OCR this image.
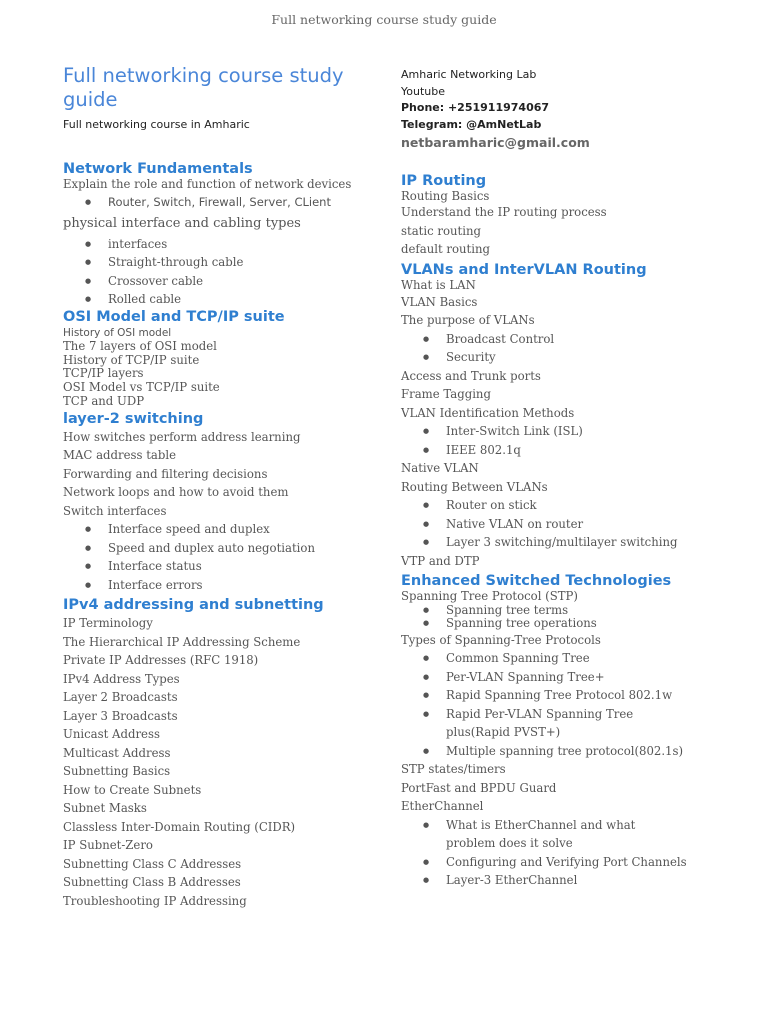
Full networking course study guide
Full networking course study guide
Full networking course in Amharic
Network Fundamentals
Explain the role and function of network devices
● Router, Switch, Firewall, Server, CLient
physical interface and cabling types
● interfaces
● Straight-through cable
● Crossover cable
● Rolled cable
OSI Model and TCP/IP suite
History of OSI model
The 7 layers of OSI model
History of TCP/IP suite
TCP/IP layers
OSI Model vs TCP/IP suite
TCP and UDP
layer-2 switching
How switches perform address learning
MAC address table
Forwarding and filtering decisions
Network loops and how to avoid them
Switch interfaces
● Interface speed and duplex
● Speed and duplex auto negotiation
● Interface status
● Interface errors
IPv4 addressing and subnetting
IP Terminology
The Hierarchical IP Addressing Scheme
Private IP Addresses (RFC 1918)
IPv4 Address Types
Layer 2 Broadcasts
Layer 3 Broadcasts
Unicast Address
Multicast Address
Subnetting Basics
How to Create Subnets
Subnet Masks
Classless Inter-Domain Routing (CIDR)
IP Subnet-Zero
Subnetting Class C Addresses
Subnetting Class B Addresses
Troubleshooting IP Addressing
Amharic Networking Lab
Youtube
Phone: +251911974067
Telegram: @AmNetLab
netbaramharic@gmail.com
IP Routing
Routing Basics
Understand the IP routing process
static routing
default routing
VLANs and InterVLAN Routing
What is LAN
VLAN Basics
The purpose of VLANs
● Broadcast Control
● Security
Access and Trunk ports
Frame Tagging
VLAN Identification Methods
● Inter-Switch Link (ISL)
● IEEE 802.1q
Native VLAN
Routing Between VLANs
● Router on stick
● Native VLAN on router
● Layer 3 switching/multilayer switching
VTP and DTP
Enhanced Switched Technologies
Spanning Tree Protocol (STP)
● Spanning tree terms
● Spanning tree operations
Types of Spanning-Tree Protocols
● Common Spanning Tree
● Per-VLAN Spanning Tree+
● Rapid Spanning Tree Protocol 802.1w
● Rapid Per-VLAN Spanning Tree plus(Rapid PVST+)
● Multiple spanning tree protocol(802.1s)
STP states/timers
PortFast and BPDU Guard
EtherChannel
● What is EtherChannel and what problem does it solve
● Configuring and Verifying Port Channels
● Layer-3 EtherChannel
